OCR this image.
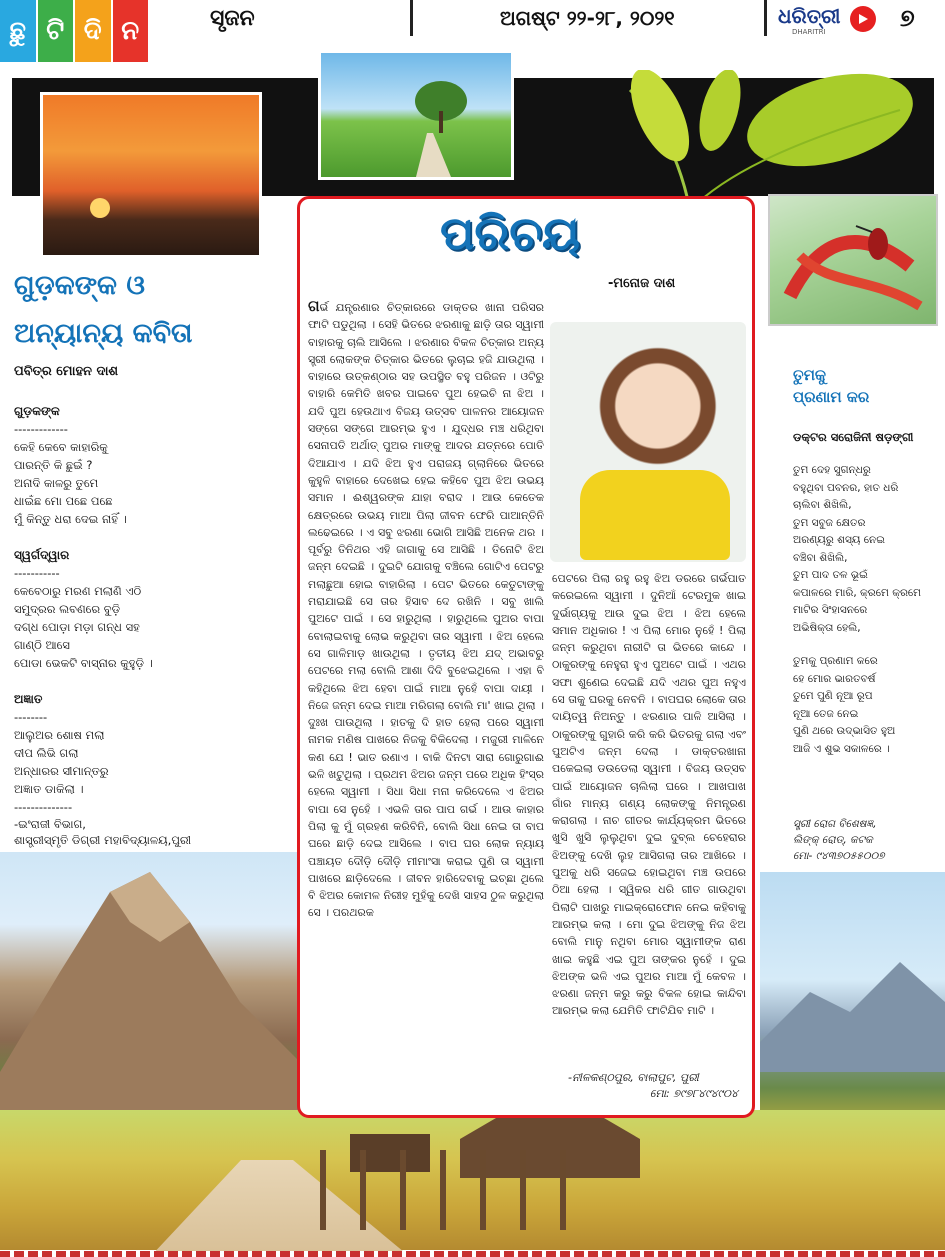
ଛୁ ଟି ଦି ନ	ସୃଜନ	ଅଗଷ୍ଟ ୨୨-୨୮, ୨୦୨୧	ଧରିତ୍ରୀ
DHARITRI	୭
ଗୁଡ଼କଙ୍କ ଓ
ଅନ୍ୟାନ୍ୟ କବିତା
ପବିତ୍ର ମୋହନ ଦାଶ
ଗୁଡ଼କଙ୍କ
-------------
କେହି କେବେ କାହାରିକୁ
ପାରନ୍ତି କି ଛୁଇଁ ?
ଅନାଦି କାଳରୁ ତୁମେ
ଧାଇଁଛ ମୋ ପଛେ ପଛେ
ମୁଁ କିନ୍ତୁ ଧରା ଦେଇ ନାହିଁ ।
ସ୍ୱର୍ଗଦ୍ୱାର
-----------
କେବେଠାରୁ ମରଣ ମଲାଣି ଏଠି
ସମୁଦ୍ରର ଲବଣରେ ବୁଡ଼ି
ଦଗ୍ଧ ପୋଡ଼ା ମଡ଼ା ଗନ୍ଧ ସହ
ଗାଣ୍ଠି ଆସେ
ପୋଡା ଭେକଟି ବାସ୍ନାର କୁହୁଡ଼ି ।
ଅଜ୍ଞାତ
--------
ଆଲୁଅର ଶୋଷ ମଲା
ଦୀପ ଲିଭି ଗଲା
ଅନ୍ଧାରର ସୀମାନ୍ତରୁ
ଅଜ୍ଞାତ ଡାକିଲା ।
--------------
-ଇଂରାଜୀ ବିଭାଗ,
ଶାସ୍ତ୍ରୀସ୍ମୃତି ଡିଗ୍ରୀ ମହାବିଦ୍ୟାଳୟ,ପୁରୀ
ପରିଚୟ
-ମନୋଜ ଦାଶ
ଗର୍ଭ ଯନ୍ତ୍ରଣାର ଚିତ୍କାରରେ ଡାକ୍ତର ଖାନା ପରିସର ଫାଟି ପଡୁଥିଲା । ସେହି ଭିତରେ ଝରଣାକୁ ଛାଡ଼ି ତାର ସ୍ୱାମୀ ବାହାରକୁ ଚାଲି ଆସିଲେ । ଝରଣାର ବିକଳ ଚିତ୍କାର ଅନ୍ୟ ସ୍ତ୍ରୀ ଲୋକଙ୍କ ଚିତ୍କାର ଭିତରେ ଲୁଚାଇ ହଜି ଯାଉଥିଲା । ବାହାରେ ଉତ୍କଣ୍ଠାର ସହ ଉପସ୍ଥିତ ବହୁ ପରିଜନ । ଓଟିରୁ ବାହାରି କେମିତି ଖବର ପାଇବେ ପୁଅ ହେଇଚି ନା ଝିଅ । ଯଦି ପୁଅ ହେଉଥାଏ ବିଜୟ ଉତ୍ସବ ପାଳନର ଆୟୋଜନ ସଙ୍ଗେ ସଙ୍ଗେ ଆରମ୍ଭ ହୁଏ । ଯୁଦ୍ଧର ମଞ୍ଚ ଧରିଥିବା ସେନାପତି ଅର୍ଥାତ୍ ପୁଅର ମାଙ୍କୁ ଆଦର ଯତ୍ନରେ ପୋତି ଦିଆଯାଏ । ଯଦି ଝିଅ ହୁଏ ପରାଜୟ ଗ୍ଲାନିରେ ଭିତରେ କୁହୁଳି ବାହାରେ ଦେଖେଇ ହେଇ କହିବେ ପୁଅ ଝିଅ ଉଭୟ ସମାନ । ଈଶ୍ୱରଙ୍କ ଯାହା ବରାଦ । ଆଉ କେତେକ କ୍ଷେତ୍ରରେ ଉଭୟ ମାଆ ପିଲା ଜୀବନ ଫେରି ପାଆନ୍ତିନି ଲଢେଇରେ । ଏ ସବୁ ଝରଣା ଭୋଗି ଆସିଛି ଅନେକ ଥର । ପୂର୍ବରୁ ତିନିଥର ଏହି ଜାଗାକୁ ସେ ଆସିଛି । ତିନୋଟି ଝିଅ ଜନ୍ମ ଦେଇଛି । ଦୁଇଟି ଯୋଗକୁ ବଞ୍ଚିଲେ ଗୋଟିଏ ପେଟରୁ ମଲାଛୁଆ ହୋଇ ବାହାରିଲା । ପେଟ ଭିତରେ କେତୁଟାଙ୍କୁ ମରାଯାଇଛି ସେ ତାର ହିସାବ ଦେ ରଖିନି । ସବୁ ଖାଲି ପୁଅଟେ ପାଇଁ । ସେ ହାରୁଥିଲା । ହାରୁଥିଲେ ପୁଅର ବାପା ବୋଲାଇବାକୁ ଲୋଭ କରୁଥିବା ତାର ସ୍ୱାମୀ । ଝିଅ ହେଲେ ସେ ଗାଳିମାଡ଼ ଖାଉଥିଲା । ତୃତୀୟ ଝିଅ ଯଦ୍ ଅଭାବରୁ ପେଟରେ ମଲା ବୋଲି ଆଶା ଦିଦି ବୁଝେଇଥିଲେ । ଏହା ବି କହିଥିଲେ ଝିଅ ହେବା ପାଇଁ ମାଆ ନୁହେଁ ବାପା ଦାୟୀ । ନିଜେ ଜନ୍ମ ଦେଇ ମାଆ ମରିଗଲା ବୋଲି ମା' ଖାଇ ଥିଲା । ଦୁଃଖ ପାଉଥିଲା । ହାତକୁ ଦି ହାତ ହେଲା ପରେ ସ୍ୱାମୀ ନାମକ ମଣିଷ ପାଖରେ ନିଜକୁ ବିକିଦେଲା । ମଜୁରୀ ମାଳିନେ କଣ ଯେ ! ଭାତ ରଣାଏ । ବାକି ଦିନଟା ସାରା ଗୋରୁଗାଈ ଭଳି ଖଟୁଥିଲା । ପ୍ରଥମ ଝିଅର ଜନ୍ମ ପରେ ଅଧିକ ହିଂସ୍ର ହେଲେ ସ୍ୱାମୀ । ସିଧା ସିଧା ମନା କରିଦେଲେ ଏ ଝିଅର ବାପା ସେ ନୁହେଁ । ଏଭଳି ତାର ପାପ ଗର୍ଭ । ଆଉ କାହାର ପିଲା କୁ ମୁଁ ଗ୍ରହଣ କରିବିନି, ବୋଲି ସିଧା ନେଇ ତା ବାପ ଘରେ ଛାଡ଼ି ଦେଇ ଆସିଲେ । ବାପ ଘର ଲୋକ ନ୍ୟାୟ ପଞ୍ଚାୟତ ଦୌଡ଼ି ଦୌଡ଼ି ମୀମାଂସା କରାଇ ପୁଣି ତା ସ୍ୱାମୀ ପାଖରେ ଛାଡ଼ିଦେଲେ । ଜୀବନ ହାରିଦେବାକୁ ଇଚ୍ଛା ଥିଲେ ବି ଝିଅର କୋମଳ ନିରୀହ ମୁହଁକୁ ଦେଖି ସାହସ ଠୁଳ କରୁଥିଲା ସେ । ପରଥରକ
ପେଟରେ ପିଲା ରହୁ ରହୁ ଝିଅ ଡରରେ ଗର୍ଭପାତ କରେଇଲେ ସ୍ୱାମୀ । ଦୁନିଆଁ ଟେରମୁକ ଖାଇ ଦୁର୍ଭାଗ୍ୟକୁ ଆଉ ଦୁଇ ଝିଅ । ଝିଅ ହେଲେ ସମାନ ଅଧିକାର ! ଏ ପିଲା ମୋର ନୁହେଁ ! ପିଲା ଜନ୍ମ କରୁଥିବା ନାରୀଟି ତା ଭିତରେ କାନ୍ଦେ । ଠାକୁରଙ୍କୁ ନେହୁରା ହୁଏ ପୁଅଟେ ପାଇଁ । ଏଥର ସଫା ଶୁଣେଇ ଦେଇଛି ଯଦି ଏଥର ପୁଅ ନହୁଏ ସେ ତାକୁ ଘରକୁ ନେବନି । ବାପଘର ଲୋକେ ତାର ଦାୟିତ୍ୱ ନିଅନ୍ତୁ । ଝରଣାର ପାଳି ଆସିଲା । ଠାକୁରଙ୍କୁ ଗୁହାରି କରି କରି ଭିତରକୁ ଗଲା ଏବଂ ପୁଅଟିଏ ଜନ୍ମ ଦେଲା । ଡାକ୍ତରଖାନା ପକେଇଲା ଡଉଡେଲା ସ୍ୱାମୀ । ବିଜୟ ଉତ୍ସବ ପାଇଁ ଆୟୋଜନ ଚାଲିଲା ଘରେ । ଆଖପାଖ ଗାଁର ମାନ୍ୟ ଗଣ୍ୟ ଲୋକଙ୍କୁ ନିମନ୍ତ୍ରଣ କରାଗଲା । ନାଚ ଗୀତର କାର୍ଯ୍ୟକ୍ରମ ଭିତରେ ଖୁସି ଖୁସି ଲୁଲୁଥିବା ଦୁଇ ଦୁବ୍ଲ ଚେହେରାର ଝିଅଙ୍କୁ ଦେଖି ଲୁହ ଆସିଗଲା ତାର ଆଖିରେ । ପୁଅକୁ ଧରି ସଜେଇ ହୋଇଥିବା ମଞ୍ଚ ଉପରେ ଠିଆ ହେଲା । ସ୍ୱିକର ଧରି ଗୀତ ଗାଉଥିବା ପିଲାଟି ପାଖରୁ ମାଇକ୍ରୋଫୋନ ନେଇ କହିବାକୁ ଆରମ୍ଭ କଲା । ମୋ ଦୁଇ ଝିଅଙ୍କୁ ନିଜ ଝିଅ ବୋଲି ମାନୁ ନଥିବା ମୋର ସ୍ୱାମୀଙ୍କ ରାଣ ଖାଇ କହୁଛି ଏଇ ପୁଅ ତାଙ୍କର ନୁହେଁ । ଦୁଇ ଝିଅଙ୍କ ଭଳି ଏଇ ପୁଅର ମାଆ ମୁଁ କେବଳ । ଝରଣା ଜନ୍ମ କରୁ କରୁ ବିକଳ ହୋଇ କାନ୍ଦିବା ଆରମ୍ଭ କଲା ଯେମିତି ଫାଟିଯିବ ମାଟି ।
-ନୀଳକଣ୍ଠପୁର, ବାଲାପୁଟ, ପୁରୀ
ମୋ: ୭୯୭୮୪୯୪୯୦୪
ତୁମକୁ
ପ୍ରଣାମ କର
ଡକ୍ଟର ସରୋଜିନୀ ଷଡ଼ଙ୍ଗୀ
ତୁମ ଦେହ ସୁଗନ୍ଧରୁ
ବହୁଥିବା ପବନର, ହାତ ଧରି
ଚାଲିବା ଶିଖିଲି,
ତୁମ ସବୁଜ କ୍ଷେତର
ଅରଣ୍ୟରୁ ଶସ୍ୟ ନେଇ
ବଞ୍ଚିବା ଶିଖିଲି,
ତୁମ ପାଦ ତଳ ଭୂଇଁ
କପାଳରେ ମାରି, କ୍ରମେ କ୍ରମେ
ମାଟିର ସିଂହାସନରେ
ଅଭିଷିକ୍ତା ହେଲି,
ତୁମକୁ ପ୍ରଣାମ କରେ
ହେ ମୋର ଭାରତବର୍ଷ
ତୁମେ ପୁଣି ନୂଆ ରୂପ
ନୂଆ ତେଜ ନେଇ
ପୁଣି ଥରେ ଉଦ୍ଭାସିତ ହୁଅ
ଆଜି ଏ ଶୁଭ ସକାଳରେ ।
ସ୍ତ୍ରୀ ରୋଗ ବିଶେଷଜ୍ଞ,
ଲିଙ୍କ୍ ରୋଡ୍, କଟକ
ମୋ- ୯୪୩୭୦୫୫୦୦୭
